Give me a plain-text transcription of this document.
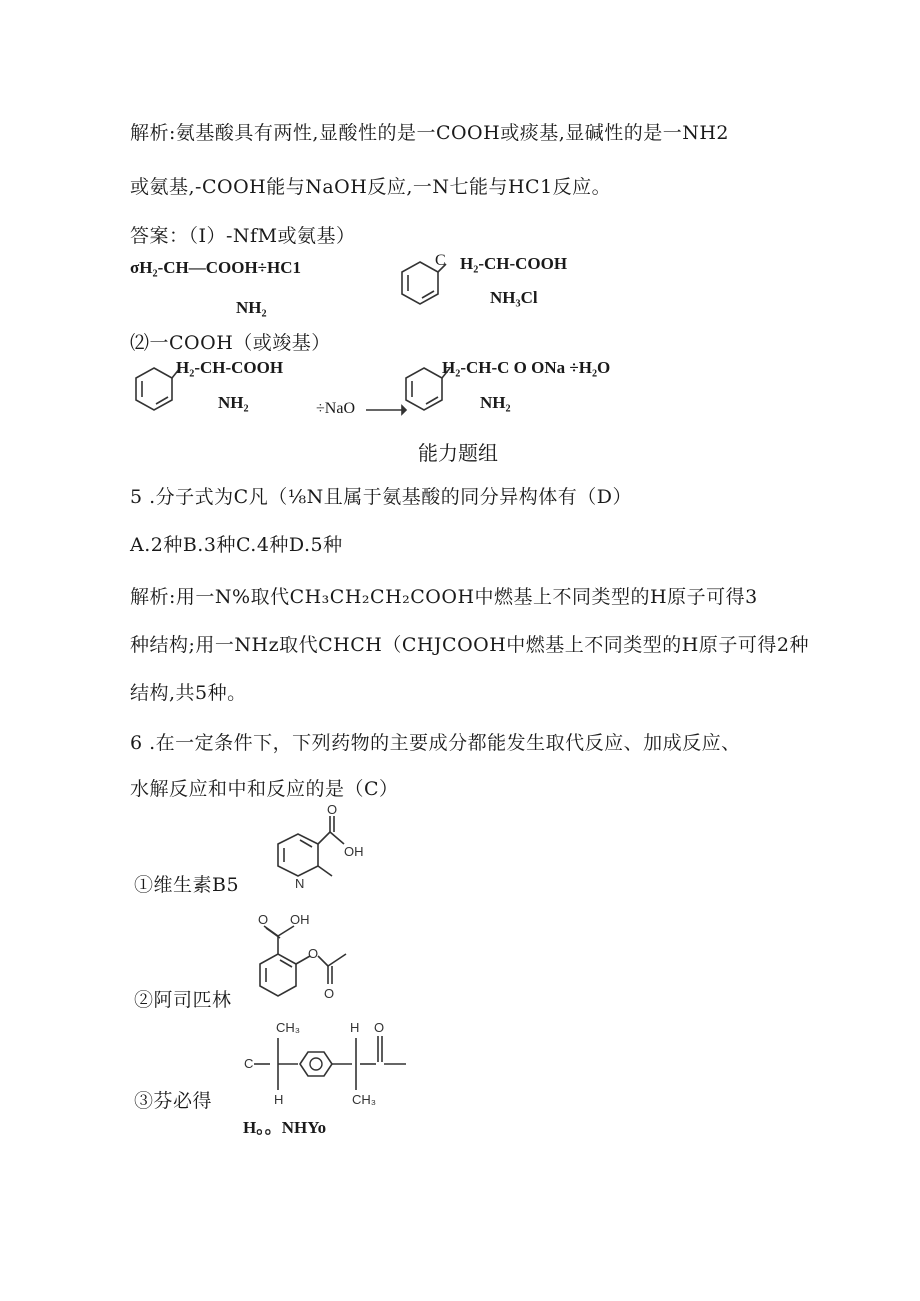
解析:氨基酸具有两性,显酸性的是一COOH或痰基,显碱性的是一NH2
或氨基,-COOH能与NaOH反应,一N七能与HC1反应。
答案：（I）-NfM或氨基）
σH₂-CH—COOH÷HC1
NH₂
C H₂-CH-COOH
NH₃Cl
⑵一COOH（或竣基）
H₂-CH-COOH
NH₂	÷NaO →
H₂-CH-C O ONa ÷H₂O
NH₂
能力题组
5 .分子式为C凡（⅛N且属于氨基酸的同分异构体有（D）
A.2种B.3种C.4种D.5种
解析:用一N%取代CH₃CH₂CH₂COOH中燃基上不同类型的H原子可得3
种结构;用一NHz取代CHCH（CHJCOOH中燃基上不同类型的H原子可得2种
结构,共5种。
6 .在一定条件下，下列药物的主要成分都能发生取代反应、加成反应、
水解反应和中和反应的是（C）
①维生素B5
O
OH
N
②阿司匹林
O OH
O
O
③芬必得
C
CH₃	H O
H	CH₃
H。。NHYo
